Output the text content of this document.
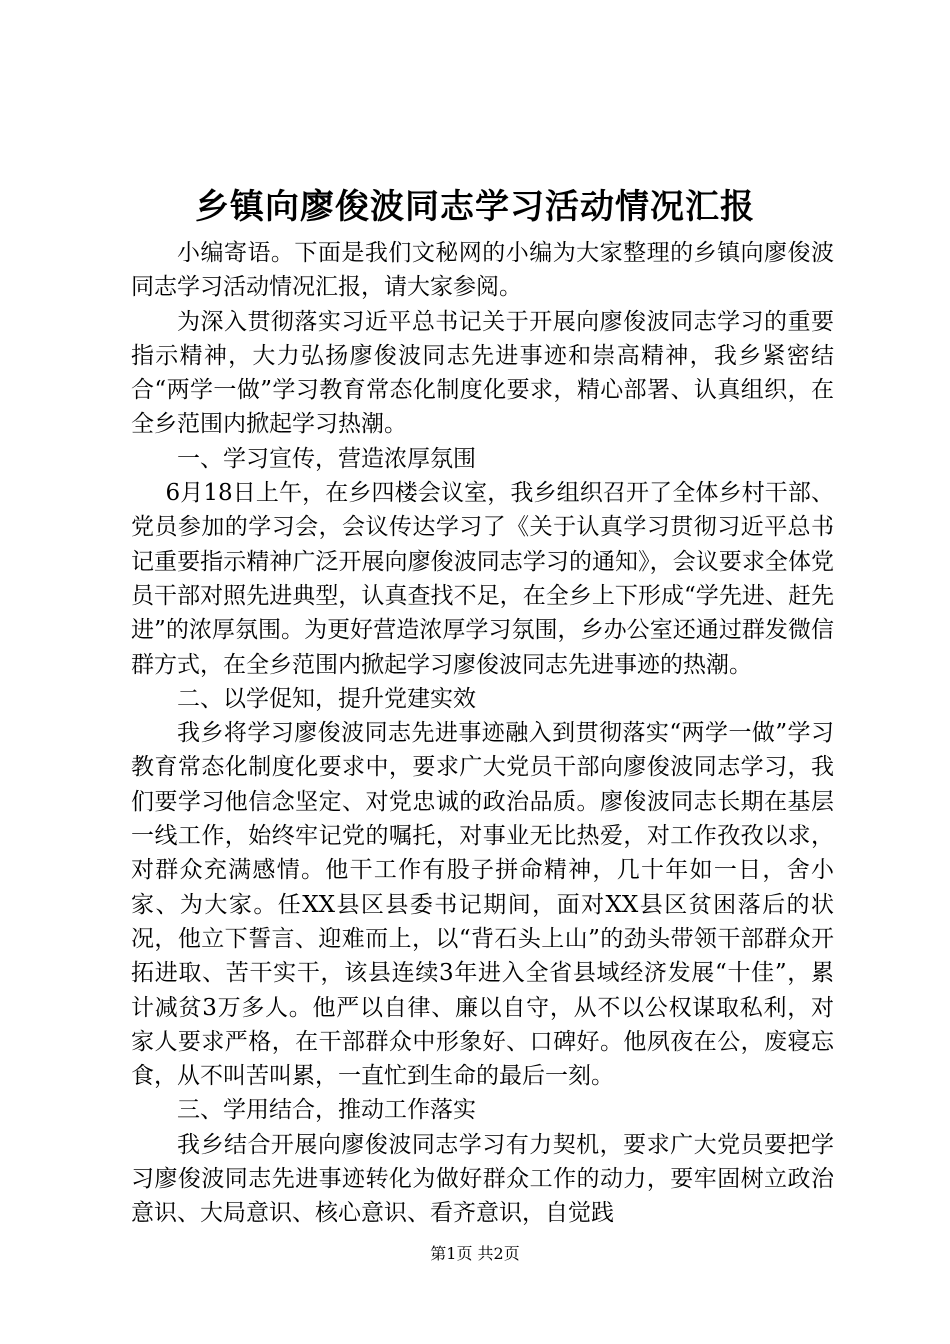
乡镇向廖俊波同志学习活动情况汇报

小编寄语。下面是我们文秘网的小编为大家整理的乡镇向廖俊波同志学习活动情况汇报，请大家参阅。

为深入贯彻落实习近平总书记关于开展向廖俊波同志学习的重要指示精神，大力弘扬廖俊波同志先进事迹和崇高精神，我乡紧密结合“两学一做”学习教育常态化制度化要求，精心部署、认真组织，在全乡范围内掀起学习热潮。

一、学习宣传，营造浓厚氛围

6月18日上午，在乡四楼会议室，我乡组织召开了全体乡村干部、党员参加的学习会，会议传达学习了《关于认真学习贯彻习近平总书记重要指示精神广泛开展向廖俊波同志学习的通知》，会议要求全体党员干部对照先进典型，认真查找不足，在全乡上下形成“学先进、赶先进”的浓厚氛围。为更好营造浓厚学习氛围，乡办公室还通过群发微信群方式，在全乡范围内掀起学习廖俊波同志先进事迹的热潮。

二、以学促知，提升党建实效

我乡将学习廖俊波同志先进事迹融入到贯彻落实“两学一做”学习教育常态化制度化要求中，要求广大党员干部向廖俊波同志学习，我们要学习他信念坚定、对党忠诚的政治品质。廖俊波同志长期在基层一线工作，始终牢记党的嘱托，对事业无比热爱，对工作孜孜以求，对群众充满感情。他干工作有股子拼命精神，几十年如一日，舍小家、为大家。任XX县区县委书记期间，面对XX县区贫困落后的状况，他立下誓言、迎难而上，以“背石头上山”的劲头带领干部群众开拓进取、苦干实干，该县连续3年进入全省县域经济发展“十佳”，累计减贫3万多人。他严以自律、廉以自守，从不以公权谋取私利，对家人要求严格，在干部群众中形象好、口碑好。他夙夜在公，废寝忘食，从不叫苦叫累，一直忙到生命的最后一刻。

三、学用结合，推动工作落实

我乡结合开展向廖俊波同志学习有力契机，要求广大党员要把学习廖俊波同志先进事迹转化为做好群众工作的动力，要牢固树立政治意识、大局意识、核心意识、看齐意识，自觉践

第1页 共2页
